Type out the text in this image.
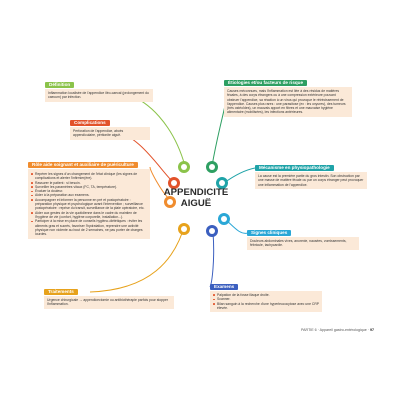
APPENDICITE
AIGUË
Définition

Inflammation localisée de l'appendice iléo-caecal (prolongement du caecum) par infection.

Complications

Perforation de l'appendice, abcès appendiculaire, péritonite aiguë.

Rôle aide soignant et auxiliaire de puériculture
Repérer les signes d'un changement de l'état clinique (les signes de complications et alerter l'infirmier(ère).
Rassurer le patient : si besoin.
Surveiller les paramètres vitaux (FC, TA, température).
Évaluer la douleur.
Aider à la préparation aux examens.
Accompagner et informer la personne en pré et postopératoire : préparation physique et psychologique avant l'intervention ; surveillance postopératoire : reprise du transit, surveillance de la plaie opératoire, etc.
Aider aux gestes de la vie quotidienne dans le cadre du maintien de l'hygiène de vie (confort, hygiène corporelle, installation...).
Participer à la mise en place de conseils hygiéno-diététiques : éviter les aliments gras et sucrés, favoriser l'hydratation, reprendre une activité physique non violente au bout de 2 semaines, ne pas porter de charges lourdes.
Traitements

Urgence chirurgicale → appendicectomie ou antibiothérapie parfois pour stopper l'inflammation.

Étiologies et/ou facteurs de risque

Causes méconnues, mais l'inflammation est liée à des résidus de matières fécales, à des corps étrangers ou à une compression extérieure pouvant obstruer l'appendice, sa réaction à un virus qui provoque le rétrécissement de l'appendice. Causes plus rares : une parasitose (ex : les oxyures), des tumeurs (très ostéoïdes), un mauvais apport en fibres et une mauvaise hygiène alimentaire (mobilisées), les infections antérieures.

Mécanisme en physiopathologie

La cause est la première partie du gros intestin. Son obstruction par une masse de matière fécale ou par un corps étranger peut provoquer une inflammation de l'appendice.

Signes cliniques

Douleurs abdominales vives, anorexie, nausées, vomissements, fébricule, tachycardie.

Examens
Palpation de la fosse iliaque droite.
Scanner.
Bilan sanguin à la recherche d'une hyperleucocytose avec une CRP élevée.
PARTIE 6 · Appareil gastro-entérologique · 97
